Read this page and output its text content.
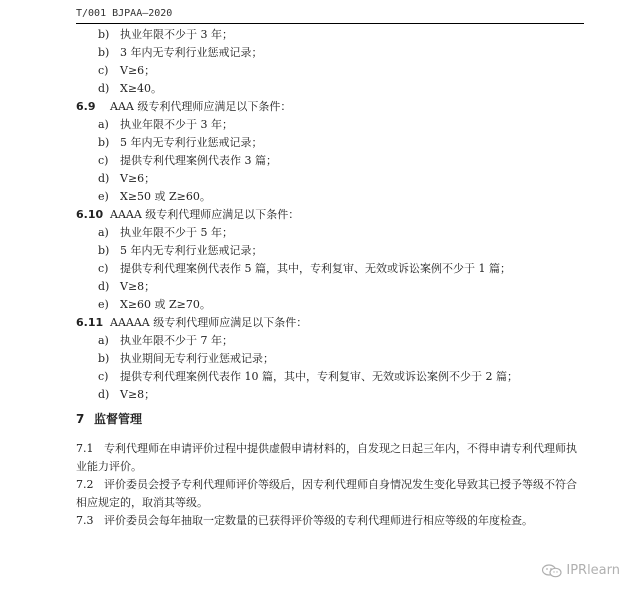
T/001 BJPAA—2020
b) 执业年限不少于 3 年；
b) 3 年内无专利行业惩戒记录；
c) V≥6；
d) X≥40。
6.9 AAA 级专利代理师应满足以下条件：
a) 执业年限不少于 3 年；
b) 5 年内无专利行业惩戒记录；
c) 提供专利代理案例代表作 3 篇；
d) V≥6；
e) X≥50 或 Z≥60。
6.10 AAAA 级专利代理师应满足以下条件：
a) 执业年限不少于 5 年；
b) 5 年内无专利行业惩戒记录；
c) 提供专利代理案例代表作 5 篇，其中，专利复审、无效或诉讼案例不少于 1 篇；
d) V≥8；
e) X≥60 或 Z≥70。
6.11 AAAAA 级专利代理师应满足以下条件：
a) 执业年限不少于 7 年；
b) 执业期间无专利行业惩戒记录；
c) 提供专利代理案例代表作 10 篇，其中，专利复审、无效或诉讼案例不少于 2 篇；
d) V≥8；
7 监督管理
7.1 专利代理师在申请评价过程中提供虚假申请材料的，自发现之日起三年内，不得申请专利代理师执业能力评价。
7.2 评价委员会授予专利代理师评价等级后，因专利代理师自身情况发生变化导致其已授予等级不符合相应规定的，取消其等级。
7.3 评价委员会每年抽取一定数量的已获得评价等级的专利代理师进行相应等级的年度检查。
IPRlearn
